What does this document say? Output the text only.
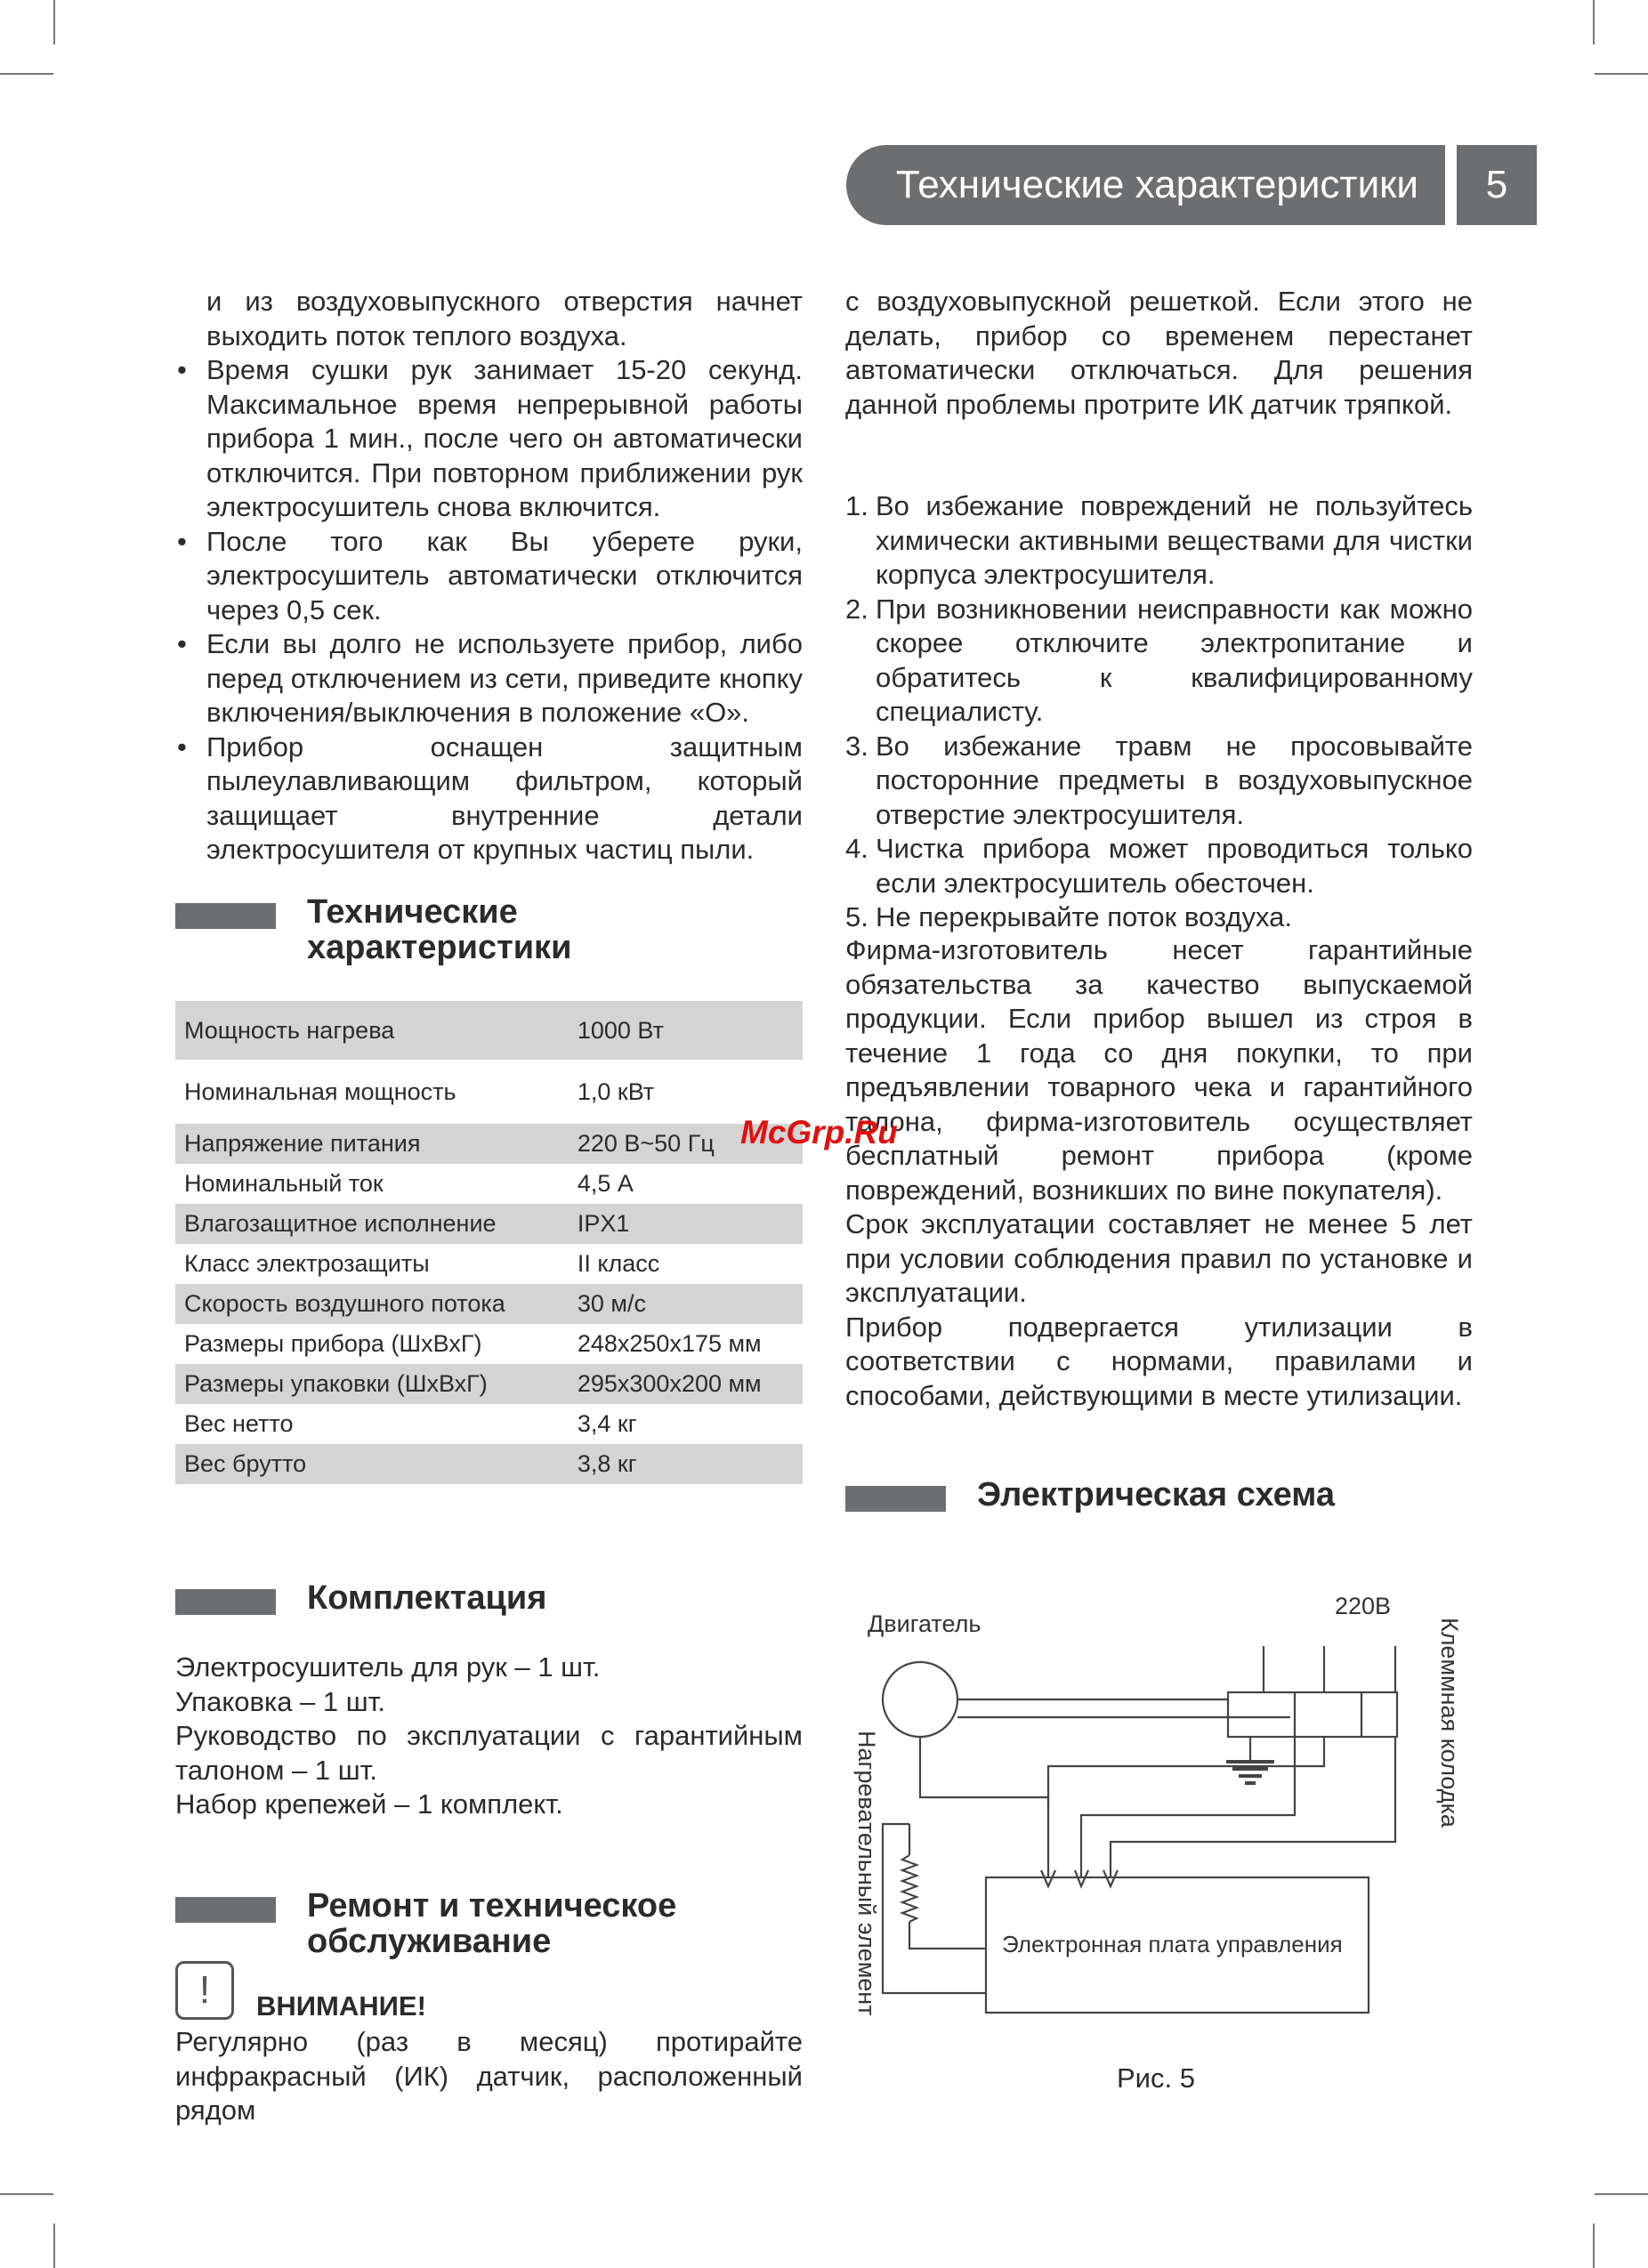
Технические характеристики	5

и из воздуховыпускного отверстия начнет выходить поток теплого воздуха.

• Время сушки рук занимает 15-20 секунд. Максимальное время непрерывной работы прибора 1 мин., после чего он автоматически отключится. При повторном приближении рук электросушитель снова включится.

• После того как Вы уберете руки, электросушитель автоматически отключится через 0,5 сек.

• Если вы долго не используете прибор, либо перед отключением из сети, приведите кнопку включения/выключения в положение «O».

• Прибор оснащен защитным пылеулавливающим фильтром, который защищает внутренние детали электросушителя от крупных частиц пыли.

Технические
характеристики
Мощность нагрева	1000 Вт
Номинальная мощность	1,0 кВт
Напряжение питания	220 В~50 Гц
Номинальный ток	4,5 А
Влагозащитное исполнение	IPX1
Класс электрозащиты	II класс
Скорость воздушного потока	30 м/с
Размеры прибора (ШхВхГ)	248х250х175 мм
Размеры упаковки (ШхВхГ)	295х300х200 мм
Вес нетто	3,4 кг
Вес брутто	3,8 кг
Комплектация

Электросушитель для рук – 1 шт.

Упаковка – 1 шт.

Руководство по эксплуатации с гарантийным талоном – 1 шт.

Набор крепежей – 1 комплект.

Ремонт и техническое
обслуживание
!	ВНИМАНИЕ!
Регулярно (раз в месяц) протирайте инфракрасный (ИК) датчик, расположенный рядом
с воздуховыпускной решеткой. Если этого не делать, прибор со временем перестанет автоматически отключаться. Для решения данной проблемы протрите ИК датчик тряпкой.

1. Во избежание повреждений не пользуйтесь химически активными веществами для чистки корпуса электросушителя.

2. При возникновении неисправности как можно скорее отключите электропитание и обратитесь к квалифицированному специалисту.

3. Во избежание травм не просовывайте посторонние предметы в воздуховыпускное отверстие электросушителя.

4. Чистка прибора может проводиться только если электросушитель обесточен.

5. Не перекрывайте поток воздуха.

Фирма-изготовитель несет гарантийные обязательства за качество выпускаемой продукции. Если прибор вышел из строя в течение 1 года со дня покупки, то при предъявлении товарного чека и гарантийного талона, фирма-изготовитель осуществляет бесплатный ремонт прибора (кроме повреждений, возникших по вине покупателя).

Срок эксплуатации составляет не менее 5 лет при условии соблюдения правил по установке и эксплуатации.

Прибор подвергается утилизации в соответствии с нормами, правилами и способами, действующими в месте утилизации.

Электрическая схема
Двигатель
220В
Клеммная колодка
Нагревательный элемент	Электронная плата управления
Рис. 5
McGrp.Ru
